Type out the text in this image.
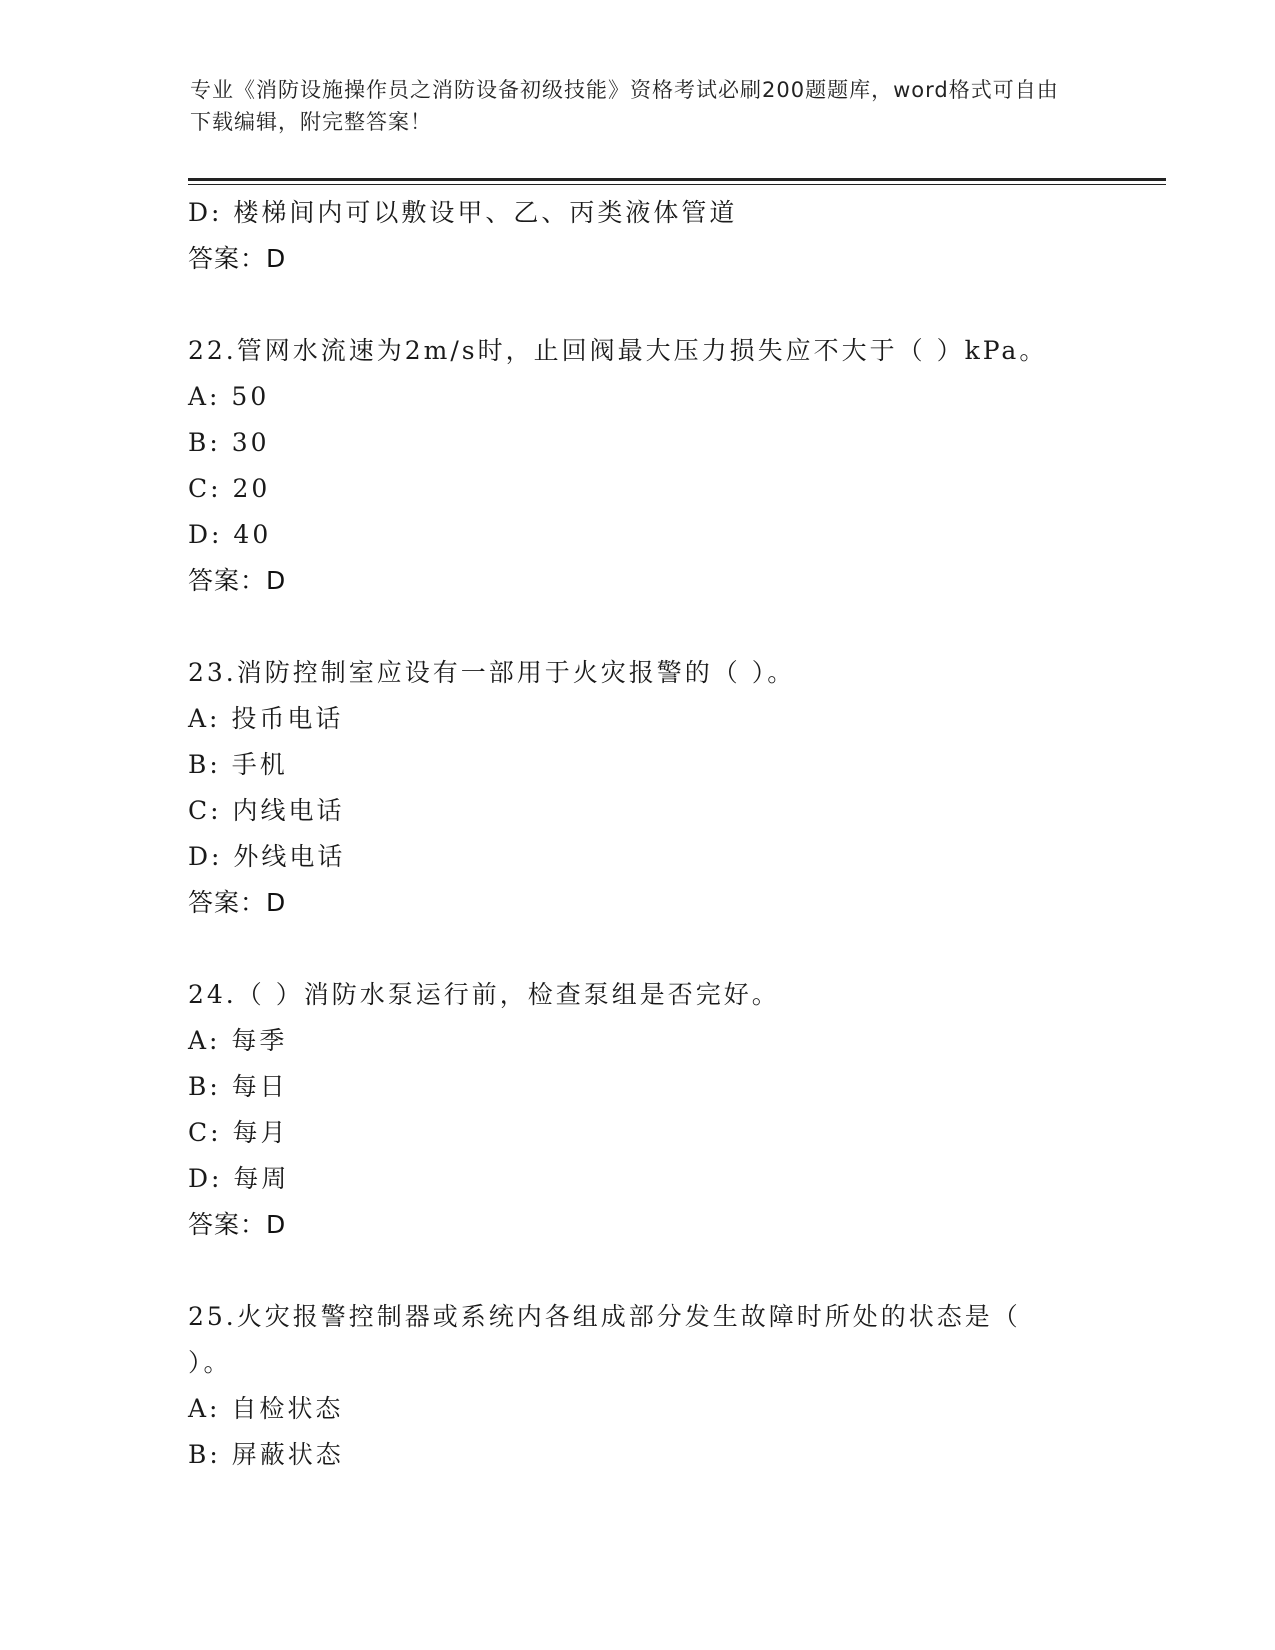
专业《消防设施操作员之消防设备初级技能》资格考试必刷200题题库，word格式可自由下载编辑，附完整答案！
D: 楼梯间内可以敷设甲、乙、丙类液体管道
答案：D
22.管网水流速为2m/s时，止回阀最大压力损失应不大于（ ）kPa。
A: 50
B: 30
C: 20
D: 40
答案：D
23.消防控制室应设有一部用于火灾报警的（ ）。
A: 投币电话
B: 手机
C: 内线电话
D: 外线电话
答案：D
24.（ ）消防水泵运行前，检查泵组是否完好。
A: 每季
B: 每日
C: 每月
D: 每周
答案：D
25.火灾报警控制器或系统内各组成部分发生故障时所处的状态是（
）。
A: 自检状态
B: 屏蔽状态
